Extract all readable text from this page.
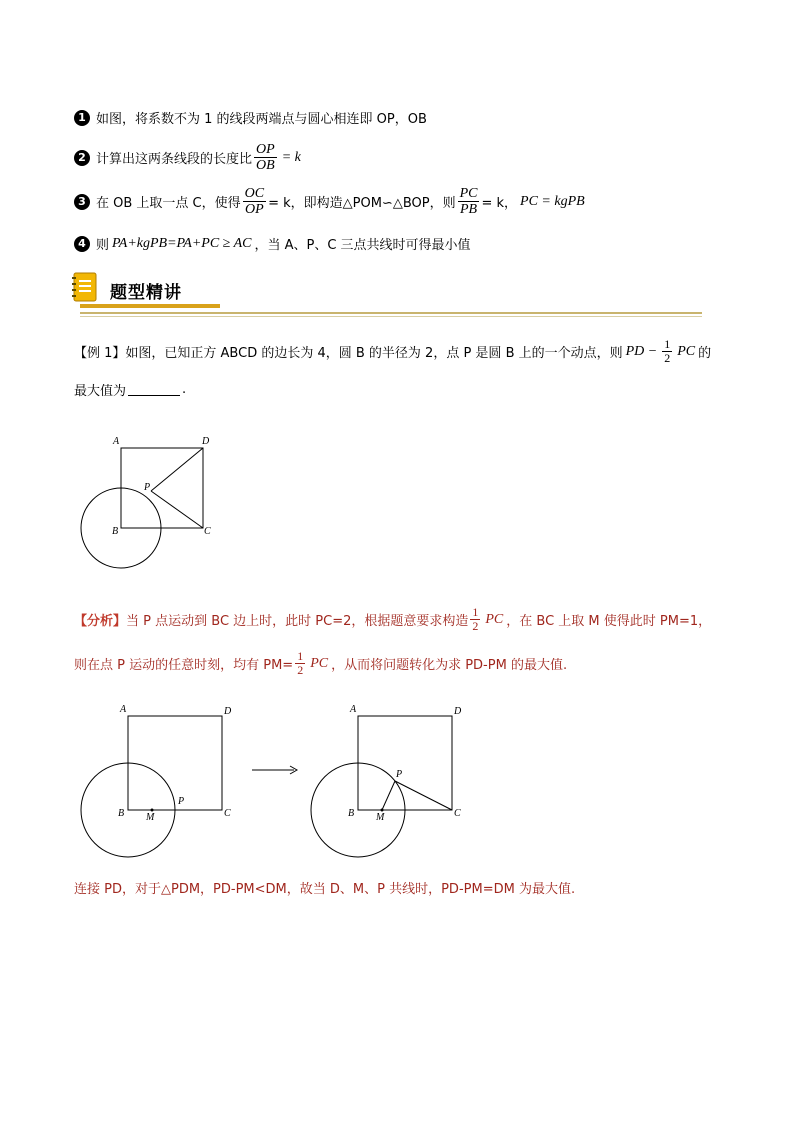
1 如图，将系数不为 1 的线段两端点与圆心相连即 OP，OB
2 计算出这两条线段的长度比 $\frac{OP}{OB} = k$
3 在 OB 上取一点 C，使得 $\frac{OC}{OP} = k$，即构造△POM∽△BOP，则 $\frac{PC}{PB} = k$， PC = kgPB
4 则 PA+kgPB=PA+PC ≥ AC ，当 A、P、C 三点共线时可得最小值
题型精讲
【例 1】 如图，已知正方 ABCD 的边长为 4，圆 B 的半径为 2，点 P 是圆 B 上的一个动点，则 PD − $\frac{1}{2}$ PC 的
最大值为	.
A	D
B	C
P
【分析】 当 P 点运动到 BC 边上时，此时 PC=2，根据题意要求构造 $\frac{1}{2}$ PC ，在 BC 上取 M 使得此时 PM=1，
则在点 P 运动的任意时刻，均有 $PM= \frac{1}{2}$ PC ，从而将问题转化为求 PD-PM 的最大值.
A	D
B	C
P
M
A	D
B	C
P
M
连接 PD，对于△PDM，PD-PM<DM，故当 D、M、P 共线时，PD-PM=DM 为最大值.
